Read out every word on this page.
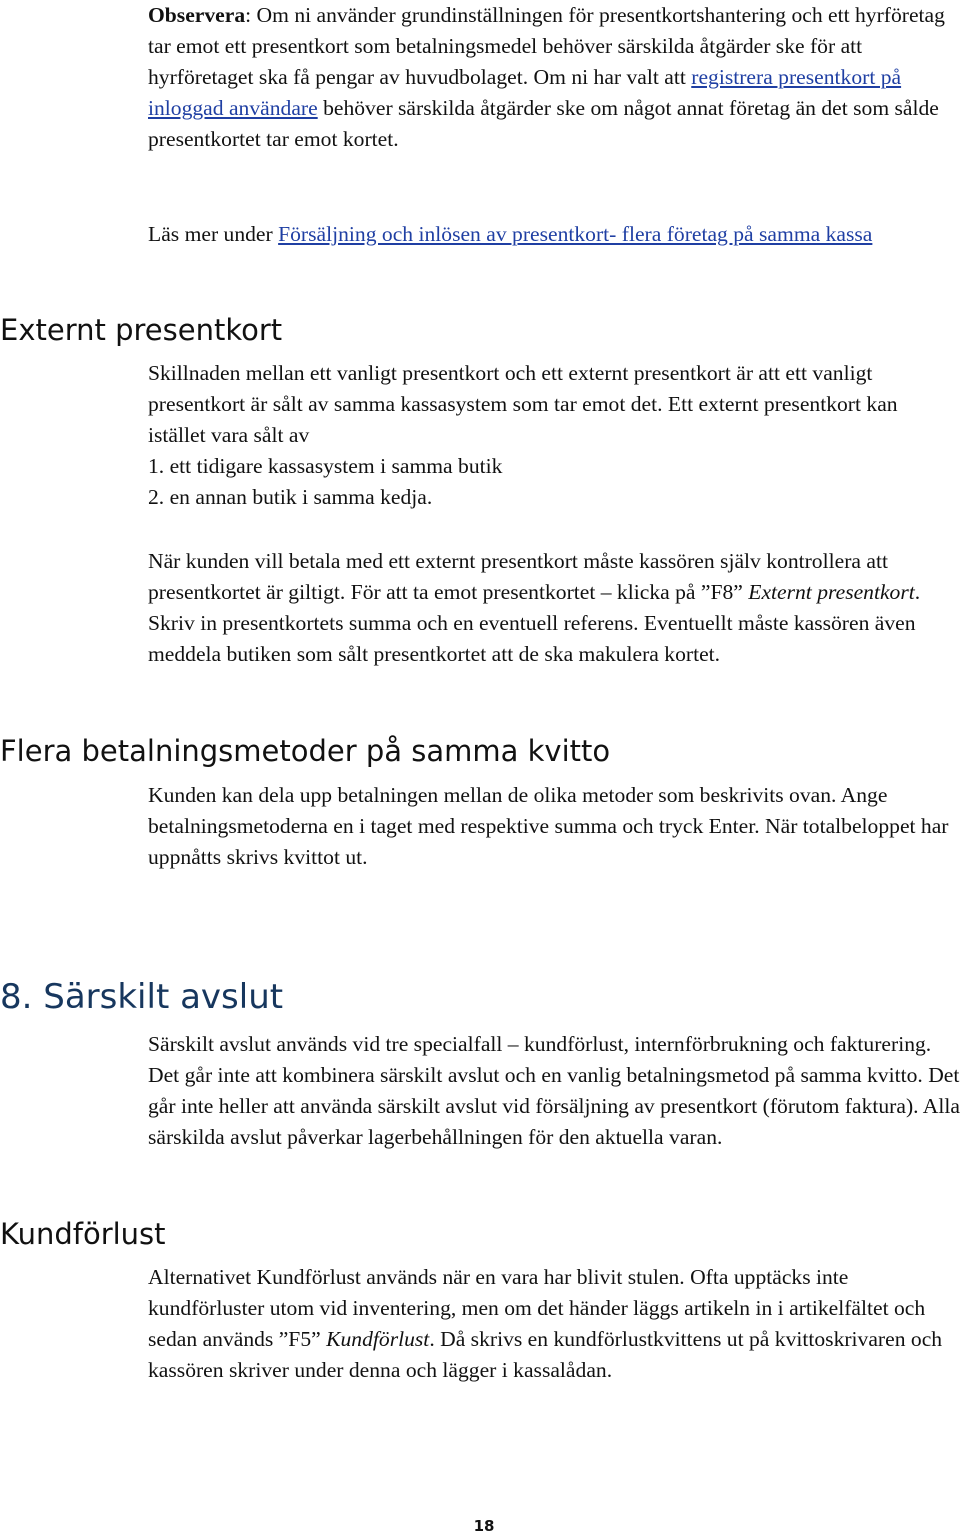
Observera: Om ni använder grundinställningen för presentkortshantering och ett hyrföretag tar emot ett presentkort som betalningsmedel behöver särskilda åtgärder ske för att hyrföretaget ska få pengar av huvudbolaget. Om ni har valt att registrera presentkort på inloggad användare behöver särskilda åtgärder ske om något annat företag än det som sålde presentkortet tar emot kortet.

Läs mer under Försäljning och inlösen av presentkort- flera företag på samma kassa

Externt presentkort

Skillnaden mellan ett vanligt presentkort och ett externt presentkort är att ett vanligt presentkort är sålt av samma kassasystem som tar emot det. Ett externt presentkort kan istället vara sålt av

1. ett tidigare kassasystem i samma butik

2. en annan butik i samma kedja.

När kunden vill betala med ett externt presentkort måste kassören själv kontrollera att presentkortet är giltigt. För att ta emot presentkortet – klicka på ”F8” Externt presentkort. Skriv in presentkortets summa och en eventuell referens. Eventuellt måste kassören även meddela butiken som sålt presentkortet att de ska makulera kortet.

Flera betalningsmetoder på samma kvitto

Kunden kan dela upp betalningen mellan de olika metoder som beskrivits ovan. Ange betalningsmetoderna en i taget med respektive summa och tryck Enter. När totalbeloppet har uppnåtts skrivs kvittot ut.

8. Särskilt avslut

Särskilt avslut används vid tre specialfall – kundförlust, internförbrukning och fakturering. Det går inte att kombinera särskilt avslut och en vanlig betalningsmetod på samma kvitto. Det går inte heller att använda särskilt avslut vid försäljning av presentkort (förutom faktura). Alla särskilda avslut påverkar lagerbehållningen för den aktuella varan.

Kundförlust

Alternativet Kundförlust används när en vara har blivit stulen. Ofta upptäcks inte kundförluster utom vid inventering, men om det händer läggs artikeln in i artikelfältet och sedan används ”F5” Kundförlust. Då skrivs en kundförlustkvittens ut på kvittoskrivaren och kassören skriver under denna och lägger i kassalådan.

18
